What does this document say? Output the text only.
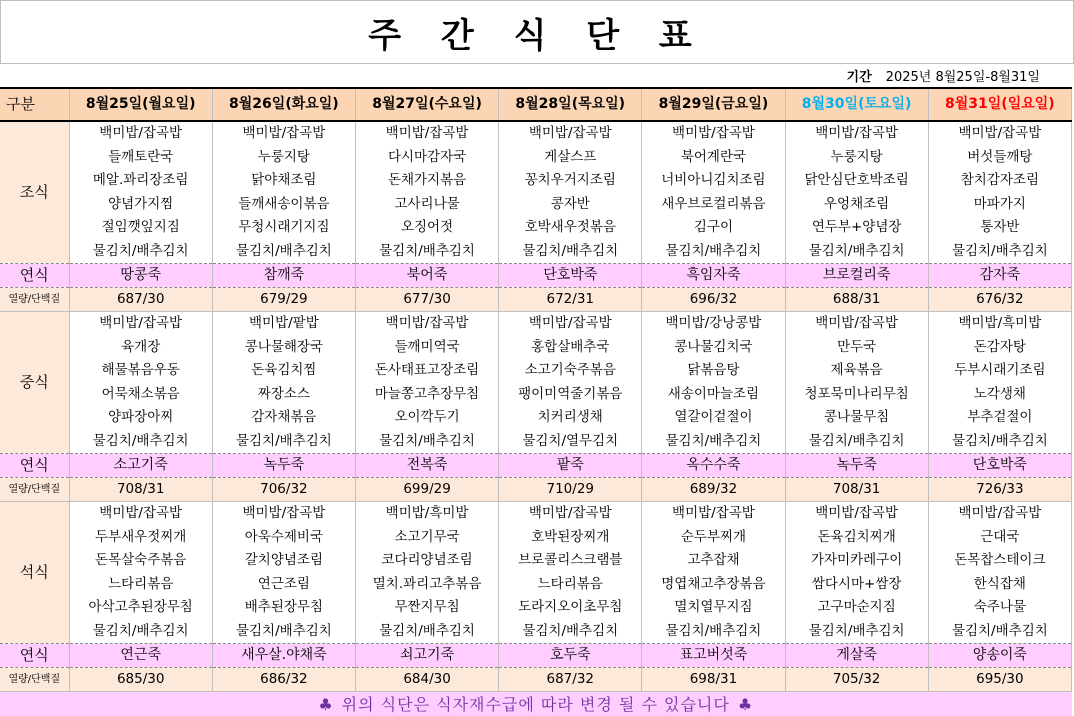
주 간 식 단 표
기간 2025년 8월25일-8월31일
구분	8월25일(월요일)	8월26일(화요일)	8월27일(수요일)	8월28일(목요일)	8월29일(금요일)	8월30일(토요일)	8월31일(일요일)
조식	백미밥/잡곡밥	백미밥/잡곡밥	백미밥/잡곡밥	백미밥/잡곡밥	백미밥/잡곡밥	백미밥/잡곡밥	백미밥/잡곡밥
	들깨토란국	누룽지탕	다시마감자국	게살스프	북어계란국	누룽지탕	버섯들깨탕
	메알.꽈리장조림	닭야채조림	돈채가지볶음	꽁치우거지조림	너비아니김치조림	닭안심단호박조림	참치감자조림
	양념가지찜	들깨새송이볶음	고사리나물	콩자반	새우브로컬리볶음	우엉채조림	마파가지
	절임깻잎지짐	무청시래기지짐	오징어젓	호박새우젓볶음	김구이	연두부+양념장	통자반
	물김치/배추김치	물김치/배추김치	물김치/배추김치	물김치/배추김치	물김치/배추김치	물김치/배추김치	물김치/배추김치
연식	땅콩죽	참깨죽	북어죽	단호박죽	흑임자죽	브로컬리죽	감자죽
열량/단백질	687/30	679/29	677/30	672/31	696/32	688/31	676/32
중식	백미밥/잡곡밥	백미밥/팥밥	백미밥/잡곡밥	백미밥/잡곡밥	백미밥/강낭콩밥	백미밥/잡곡밥	백미밥/흑미밥
	육개장	콩나물해장국	들깨미역국	홍합살배추국	콩나물김치국	만두국	돈감자탕
	해물볶음우동	돈육김치찜	돈사태표고장조림	소고기숙주볶음	닭볶음탕	제육볶음	두부시래기조림
	어묵채소볶음	짜장소스	마늘쫑고추장무침	팽이미역줄기볶음	새송이마늘조림	청포묵미나리무침	노각생채
	양파장아찌	감자채볶음	오이깍두기	치커리생채	열갈이겉절이	콩나물무침	부추겉절이
	물김치/배추김치	물김치/배추김치	물김치/배추김치	물김치/열무김치	물김치/배추김치	물김치/배추김치	물김치/배추김치
연식	소고기죽	녹두죽	전복죽	팥죽	옥수수죽	녹두죽	단호박죽
열량/단백질	708/31	706/32	699/29	710/29	689/32	708/31	726/33
석식	백미밥/잡곡밥	백미밥/잡곡밥	백미밥/흑미밥	백미밥/잡곡밥	백미밥/잡곡밥	백미밥/잡곡밥	백미밥/잡곡밥
	두부새우젓찌개	아욱수제비국	소고기무국	호박된장찌개	순두부찌개	돈육김치찌개	근대국
	돈목살숙주볶음	갈치양념조림	코다리양념조림	브로콜리스크램블	고추잡채	가자미카레구이	돈목찹스테이크
	느타리볶음	연근조림	멸치.꽈리고추볶음	느타리볶음	명엽채고추장볶음	쌈다시마+쌈장	한식잡채
	아삭고추된장무침	배추된장무침	무짠지무침	도라지오이초무침	멸치열무지짐	고구마순지짐	숙주나물
	물김치/배추김치	물김치/배추김치	물김치/배추김치	물김치/배추김치	물김치/배추김치	물김치/배추김치	물김치/배추김치
연식	연근죽	새우살.야채죽	쇠고기죽	호두죽	표고버섯죽	게살죽	양송이죽
열량/단백질	685/30	686/32	684/30	687/32	698/31	705/32	695/30
♣ 위의 식단은 식자재수급에 따라 변경 될 수 있습니다 ♣							
